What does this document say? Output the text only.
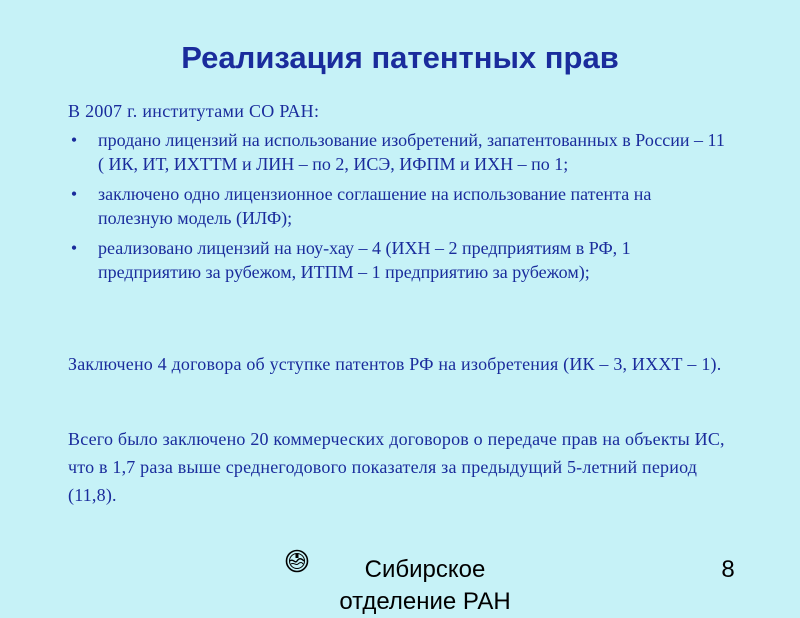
Реализация патентных прав
В 2007 г. институтами СО РАН:
• продано лицензий на использование изобретений, запатентованных в России – 11 ( ИК, ИТ, ИХТТМ и ЛИН – по 2, ИСЭ, ИФПМ и ИХН – по 1;
• заключено одно лицензионное соглашение на использование патента на полезную модель (ИЛФ);
• реализовано лицензий на ноу-хау – 4 (ИХН – 2 предприятиям в РФ, 1 предприятию за рубежом, ИТПМ – 1 предприятию за рубежом);
Заключено 4 договора об уступке патентов РФ на изобретения (ИК – 3, ИХХТ – 1).
Всего было заключено 20 коммерческих договоров о передаче прав на объекты ИС, что в 1,7 раза выше среднегодового показателя за предыдущий 5-летний период (11,8).
Сибирское отделение РАН
8
